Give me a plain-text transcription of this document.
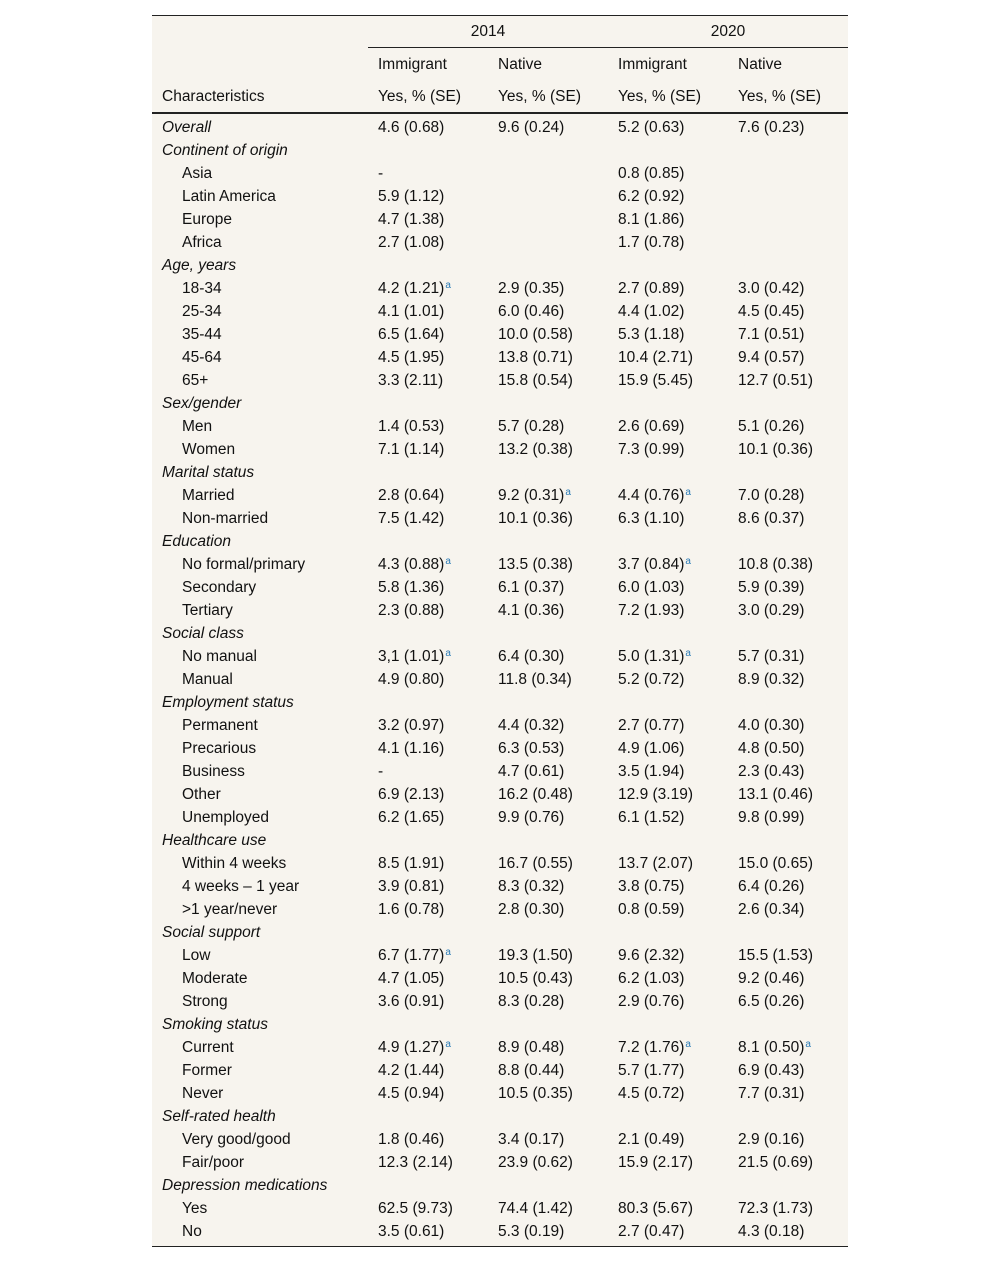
	2014		2020	
	Immigrant	Native	Immigrant	Native
Characteristics	Yes, % (SE)	Yes, % (SE)	Yes, % (SE)	Yes, % (SE)
Overall	4.6 (0.68)	9.6 (0.24)	5.2 (0.63)	7.6 (0.23)
Continent of origin				
Asia	-		0.8 (0.85)	
Latin America	5.9 (1.12)		6.2 (0.92)	
Europe	4.7 (1.38)		8.1 (1.86)	
Africa	2.7 (1.08)		1.7 (0.78)	
Age, years				
18-34	4.2 $(1.21)^a$	2.9 (0.35)	2.7 (0.89)	3.0 (0.42)
25-34	4.1 (1.01)	6.0 (0.46)	4.4 (1.02)	4.5 (0.45)
35-44	6.5 (1.64)	10.0 (0.58)	5.3 (1.18)	7.1 (0.51)
45-64	4.5 (1.95)	13.8 (0.71)	10.4 (2.71)	9.4 (0.57)
65+	3.3 (2.11)	15.8 (0.54)	15.9 (5.45)	12.7 (0.51)
Sex/gender				
Men	1.4 (0.53)	5.7 (0.28)	2.6 (0.69)	5.1 (0.26)
Women	7.1 (1.14)	13.2 (0.38)	7.3 (0.99)	10.1 (0.36)
Marital status				
Married	2.8 (0.64)	9.2 $(0.31)^a$	4.4 $(0.76)^a$	7.0 (0.28)
Non-married	7.5 (1.42)	10.1 (0.36)	6.3 (1.10)	8.6 (0.37)
Education				
No formal/primary	4.3 $(0.88)^a$	13.5 (0.38)	3.7 $(0.84)^a$	10.8 (0.38)
Secondary	5.8 (1.36)	6.1 (0.37)	6.0 (1.03)	5.9 (0.39)
Tertiary	2.3 (0.88)	4.1 (0.36)	7.2 (1.93)	3.0 (0.29)
Social class				
No manual	3,1 $(1.01)^a$	6.4 (0.30)	5.0 $(1.31)^a$	5.7 (0.31)
Manual	4.9 (0.80)	11.8 (0.34)	5.2 (0.72)	8.9 (0.32)
Employment status				
Permanent	3.2 (0.97)	4.4 (0.32)	2.7 (0.77)	4.0 (0.30)
Precarious	4.1 (1.16)	6.3 (0.53)	4.9 (1.06)	4.8 (0.50)
Business	-	4.7 (0.61)	3.5 (1.94)	2.3 (0.43)
Other	6.9 (2.13)	16.2 (0.48)	12.9 (3.19)	13.1 (0.46)
Unemployed	6.2 (1.65)	9.9 (0.76)	6.1 (1.52)	9.8 (0.99)
Healthcare use				
Within 4 weeks	8.5 (1.91)	16.7 (0.55)	13.7 (2.07)	15.0 (0.65)
4 weeks – 1 year	3.9 (0.81)	8.3 (0.32)	3.8 (0.75)	6.4 (0.26)
>1 year/never	1.6 (0.78)	2.8 (0.30)	0.8 (0.59)	2.6 (0.34)
Social support				
Low	6.7 $(1.77)^a$	19.3 (1.50)	9.6 (2.32)	15.5 (1.53)
Moderate	4.7 (1.05)	10.5 (0.43)	6.2 (1.03)	9.2 (0.46)
Strong	3.6 (0.91)	8.3 (0.28)	2.9 (0.76)	6.5 (0.26)
Smoking status				
Current	4.9 $(1.27)^a$	8.9 (0.48)	7.2 $(1.76)^a$	8.1 $(0.50)^a$
Former	4.2 (1.44)	8.8 (0.44)	5.7 (1.77)	6.9 (0.43)
Never	4.5 (0.94)	10.5 (0.35)	4.5 (0.72)	7.7 (0.31)
Self-rated health				
Very good/good	1.8 (0.46)	3.4 (0.17)	2.1 (0.49)	2.9 (0.16)
Fair/poor	12.3 (2.14)	23.9 (0.62)	15.9 (2.17)	21.5 (0.69)
Depression medications				
Yes	62.5 (9.73)	74.4 (1.42)	80.3 (5.67)	72.3 (1.73)
No	3.5 (0.61)	5.3 (0.19)	2.7 (0.47)	4.3 (0.18)
